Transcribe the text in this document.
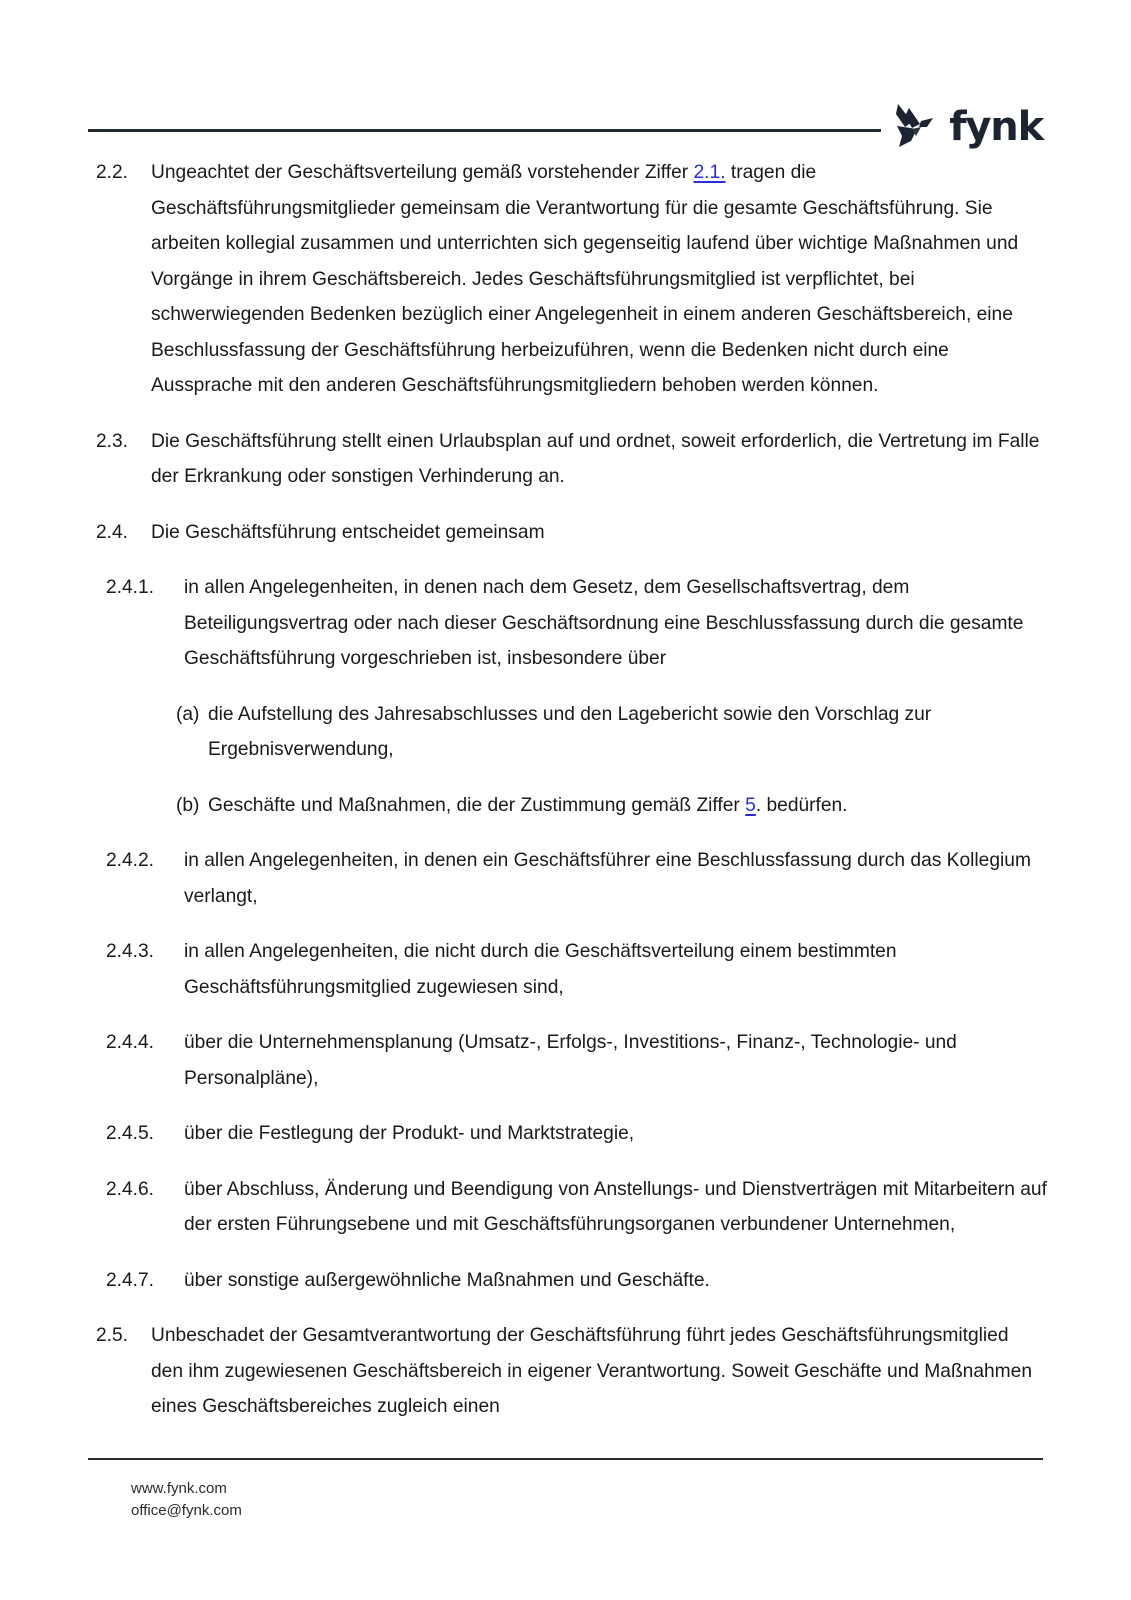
fynk
2.2.	Ungeachtet der Geschäftsverteilung gemäß vorstehender Ziffer 2.1. tragen die Geschäftsführungsmitglieder gemeinsam die Verantwortung für die gesamte Geschäftsführung. Sie arbeiten kollegial zusammen und unterrichten sich gegenseitig laufend über wichtige Maßnahmen und Vorgänge in ihrem Geschäftsbereich. Jedes Geschäftsführungsmitglied ist verpflichtet, bei schwerwiegenden Bedenken bezüglich einer Angelegenheit in einem anderen Geschäftsbereich, eine Beschlussfassung der Geschäftsführung herbeizuführen, wenn die Bedenken nicht durch eine Aussprache mit den anderen Geschäftsführungsmitgliedern behoben werden können.
2.3.	Die Geschäftsführung stellt einen Urlaubsplan auf und ordnet, soweit erforderlich, die Vertretung im Falle der Erkrankung oder sonstigen Verhinderung an.
2.4.	Die Geschäftsführung entscheidet gemeinsam
2.4.1.	in allen Angelegenheiten, in denen nach dem Gesetz, dem Gesellschaftsvertrag, dem Beteiligungsvertrag oder nach dieser Geschäftsordnung eine Beschlussfassung durch die gesamte Geschäftsführung vorgeschrieben ist, insbesondere über
(a) die Aufstellung des Jahresabschlusses und den Lagebericht sowie den Vorschlag zur Ergebnisverwendung,
(b) Geschäfte und Maßnahmen, die der Zustimmung gemäß Ziffer 5. bedürfen.
2.4.2.	in allen Angelegenheiten, in denen ein Geschäftsführer eine Beschlussfassung durch das Kollegium verlangt,
2.4.3.	in allen Angelegenheiten, die nicht durch die Geschäftsverteilung einem bestimmten Geschäftsführungsmitglied zugewiesen sind,
2.4.4.	über die Unternehmensplanung (Umsatz-, Erfolgs-, Investitions-, Finanz-, Technologie- und Personalpläne),
2.4.5.	über die Festlegung der Produkt- und Marktstrategie,
2.4.6.	über Abschluss, Änderung und Beendigung von Anstellungs- und Dienstverträgen mit Mitarbeitern auf der ersten Führungsebene und mit Geschäftsführungsorganen verbundener Unternehmen,
2.4.7.	über sonstige außergewöhnliche Maßnahmen und Geschäfte.
2.5.	Unbeschadet der Gesamtverantwortung der Geschäftsführung führt jedes Geschäftsführungsmitglied den ihm zugewiesenen Geschäftsbereich in eigener Verantwortung. Soweit Geschäfte und Maßnahmen eines Geschäftsbereiches zugleich einen
www.fynk.com
office@fynk.com
